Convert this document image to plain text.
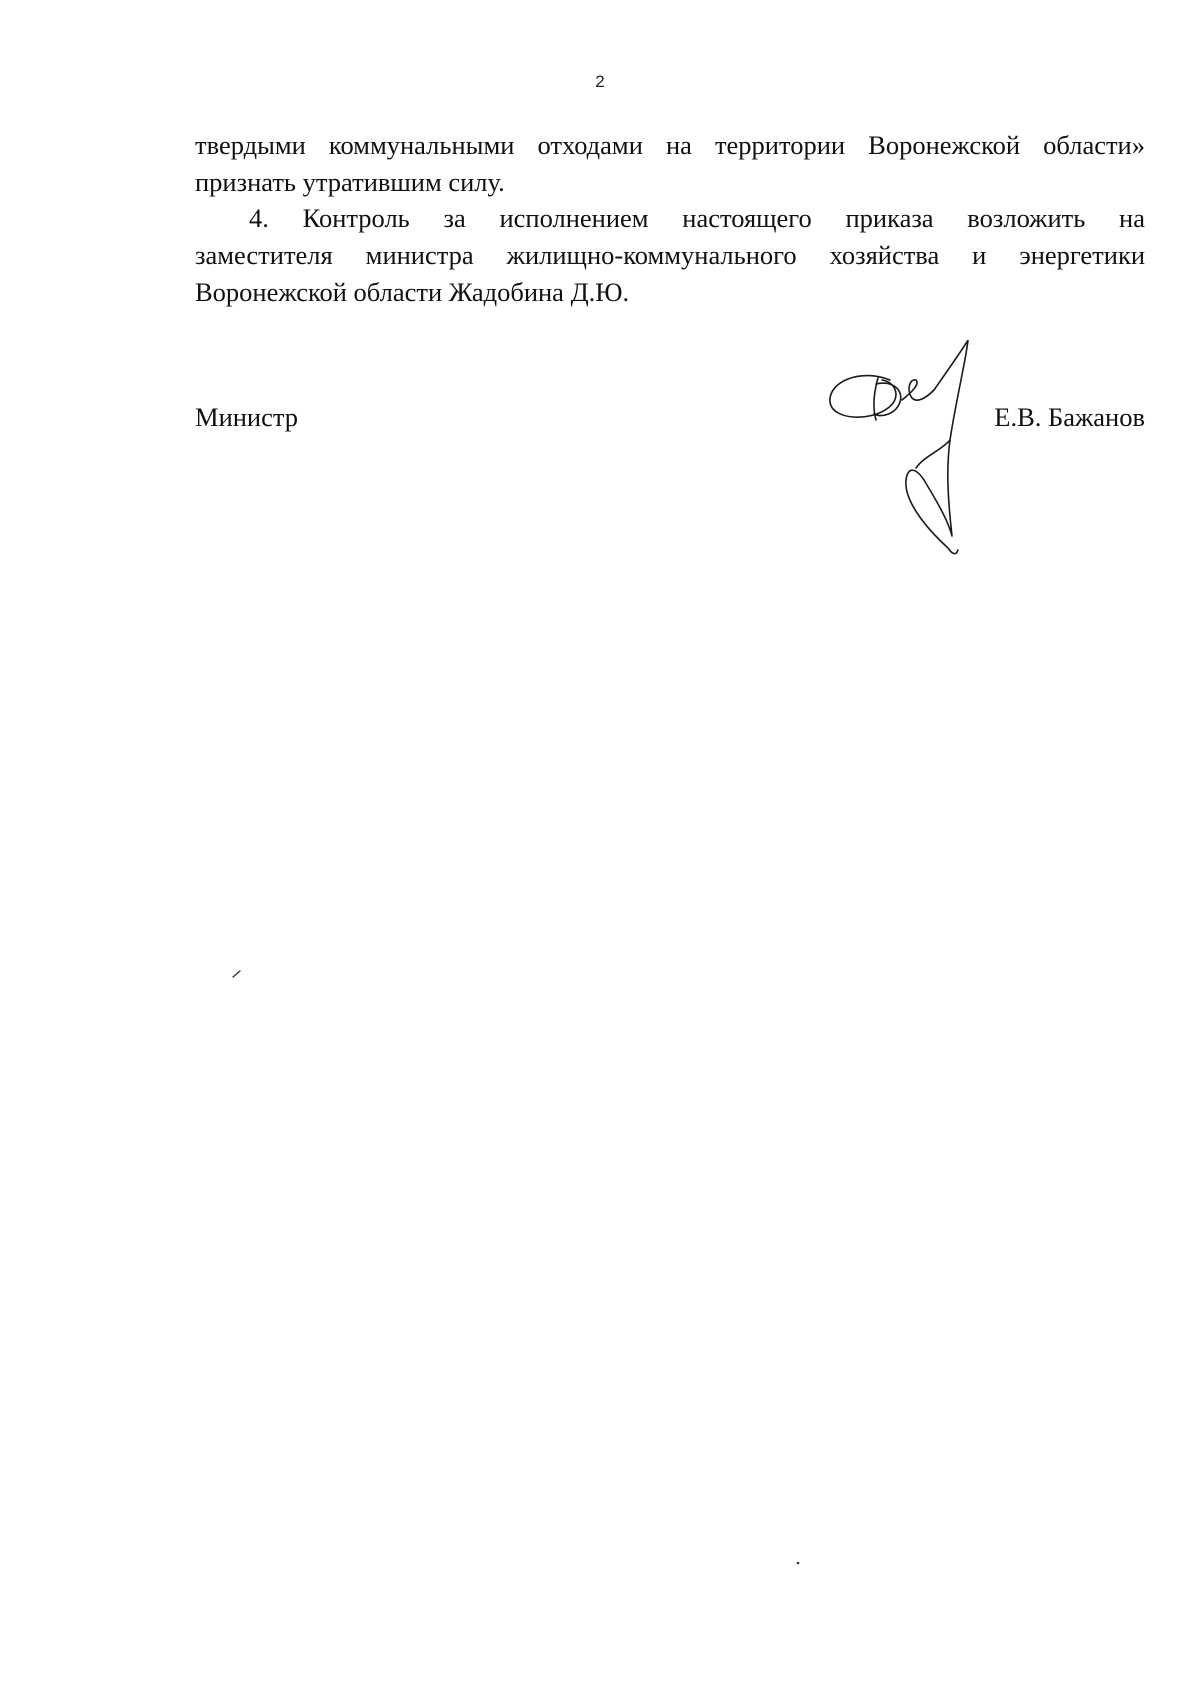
2
твердыми коммунальными отходами на территории Воронежской области»
признать утратившим силу.
4. Контроль за исполнением настоящего приказа возложить на
заместителя министра жилищно-коммунального хозяйства и энергетики
Воронежской области Жадобина Д.Ю.
Министр	Е.В. Бажанов
